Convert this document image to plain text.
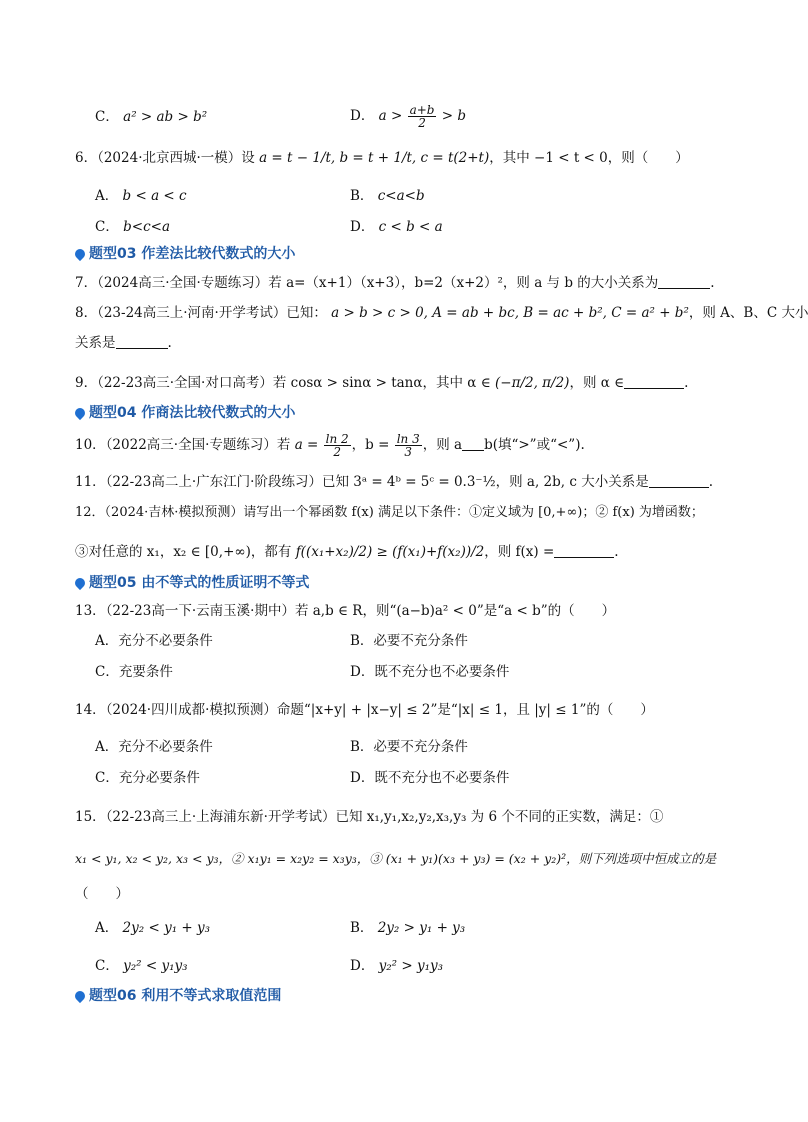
C． a² > ab > b²	D． $a > \frac{a+b}{2} > b$
6．（2024·北京西城·一模）设 a = t − 1/t, b = t + 1/t, c = t(2+t)，其中 −1 < t < 0，则（　　）
A． b < a < c	B． c<a<b
C． b<c<a	D． c < b < a
题型03 作差法比较代数式的大小
7．（2024高三·全国·专题练习）若 a=（x+1）（x+3），b=2（x+2）²，则 a 与 b 的大小关系为	.
8．（23-24高三上·河南·开学考试）已知： a > b > c > 0, A = ab + bc, B = ac + b², C = a² + b²，则 A、B、C 大小
关系是	.
9．（22-23高三·全国·对口高考）若 cosα > sinα > tanα，其中 α ∈ (−π/2, π/2)，则 α ∈	.
题型04 作商法比较代数式的大小
10．（2022高三·全国·专题练习）若 $a = \frac{\ln 2}{2}$ ，$b = \frac{\ln 3}{3}$ ，则 a b(填“>”或“<”).
11．（22-23高二上·广东江门·阶段练习）已知 3ᵃ = 4ᵇ = 5ᶜ = 0.3⁻½，则 a, 2b, c 大小关系是	.
12．（2024·吉林·模拟预测）请写出一个幂函数 f(x) 满足以下条件：①定义域为 [0,+∞)；② f(x) 为增函数；
③对任意的 x₁，x₂ ∈ [0,+∞)，都有 f((x₁+x₂)/2) ≥ (f(x₁)+f(x₂))/2，则 f(x) =	.
题型05 由不等式的性质证明不等式
13．（22-23高一下·云南玉溪·期中）若 a,b ∈ R，则“(a−b)a² < 0”是“a < b”的（　　）
A．充分不必要条件	B．必要不充分条件
C．充要条件	D．既不充分也不必要条件
14．（2024·四川成都·模拟预测）命题“|x+y| + |x−y| ≤ 2”是“|x| ≤ 1，且 |y| ≤ 1”的（　　）
A．充分不必要条件	B．必要不充分条件
C．充分必要条件	D．既不充分也不必要条件
15．（22-23高三上·上海浦东新·开学考试）已知 x₁,y₁,x₂,y₂,x₃,y₃ 为 6 个不同的正实数，满足：①
x₁ < y₁, x₂ < y₂, x₃ < y₃，② x₁y₁ = x₂y₂ = x₃y₃，③ (x₁ + y₁)(x₃ + y₃) = (x₂ + y₂)²，则下列选项中恒成立的是
（　　）
A． 2y₂ < y₁ + y₃	B． 2y₂ > y₁ + y₃
C． y₂² < y₁y₃	D． y₂² > y₁y₃
题型06 利用不等式求取值范围
